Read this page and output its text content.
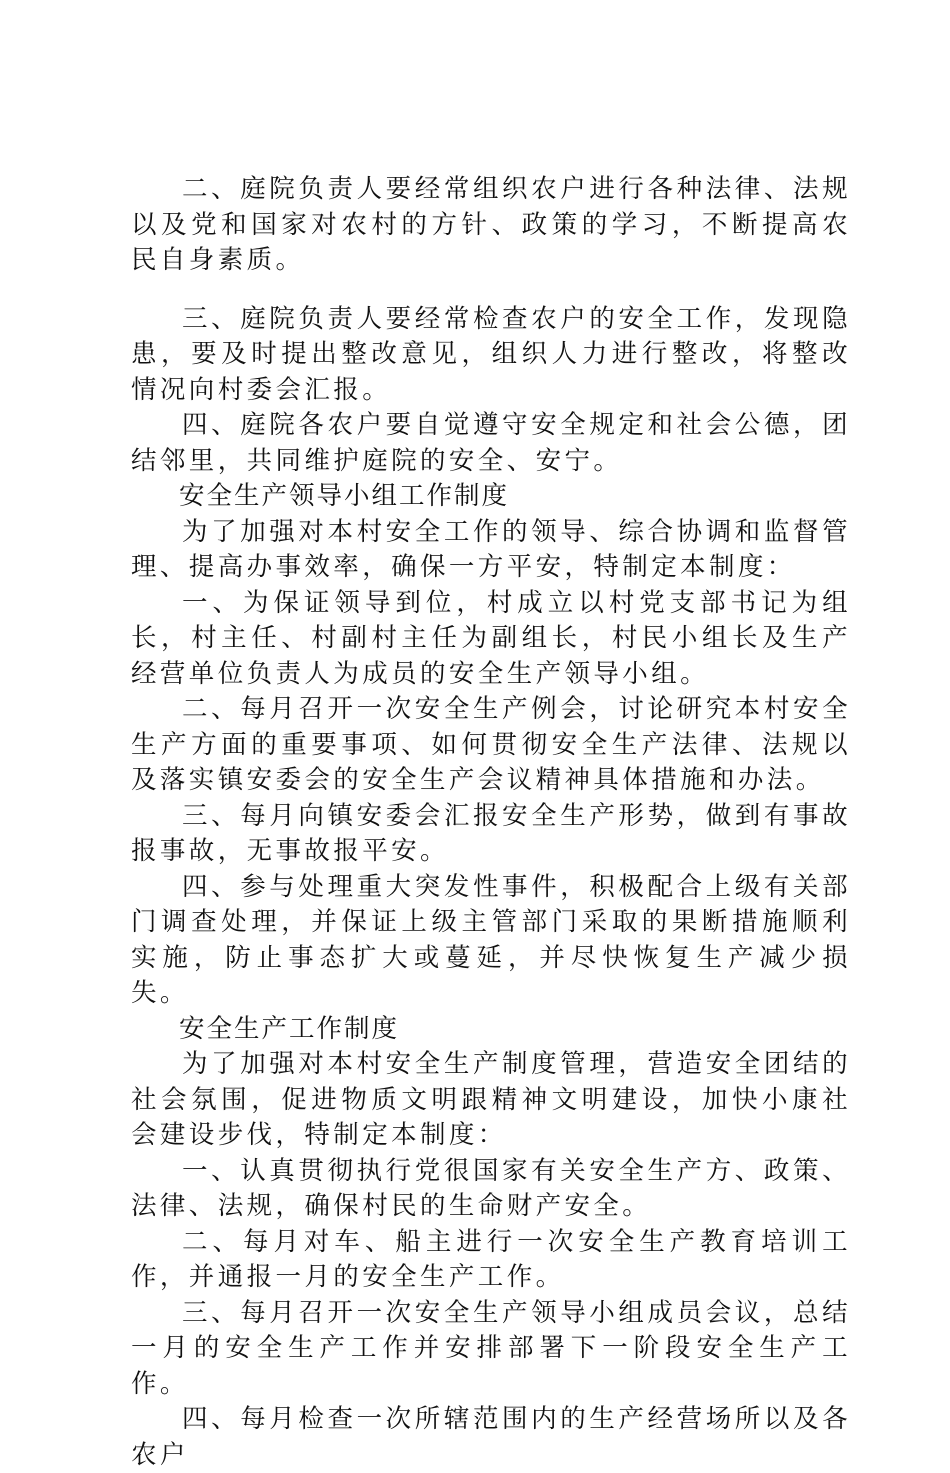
二、庭院负责人要经常组织农户进行各种法律、法规以及党和国家对农村的方针、政策的学习，不断提高农民自身素质。

三、庭院负责人要经常检查农户的安全工作，发现隐患，要及时提出整改意见，组织人力进行整改，将整改情况向村委会汇报。

四、庭院各农户要自觉遵守安全规定和社会公德，团结邻里，共同维护庭院的安全、安宁。

安全生产领导小组工作制度

为了加强对本村安全工作的领导、综合协调和监督管理、提高办事效率，确保一方平安，特制定本制度：

一、为保证领导到位，村成立以村党支部书记为组长，村主任、村副村主任为副组长，村民小组长及生产经营单位负责人为成员的安全生产领导小组。

二、每月召开一次安全生产例会，讨论研究本村安全生产方面的重要事项、如何贯彻安全生产法律、法规以及落实镇安委会的安全生产会议精神具体措施和办法。

三、每月向镇安委会汇报安全生产形势，做到有事故报事故，无事故报平安。

四、参与处理重大突发性事件，积极配合上级有关部门调查处理，并保证上级主管部门采取的果断措施顺利实施，防止事态扩大或蔓延，并尽快恢复生产减少损失。

安全生产工作制度

为了加强对本村安全生产制度管理，营造安全团结的社会氛围，促进物质文明跟精神文明建设，加快小康社会建设步伐，特制定本制度：

一、认真贯彻执行党很国家有关安全生产方、政策、法律、法规，确保村民的生命财产安全。

二、每月对车、船主进行一次安全生产教育培训工作，并通报一月的安全生产工作。

三、每月召开一次安全生产领导小组成员会议，总结一月的安全生产工作并安排部署下一阶段安全生产工作。

四、每月检查一次所辖范围内的生产经营场所以及各农户
